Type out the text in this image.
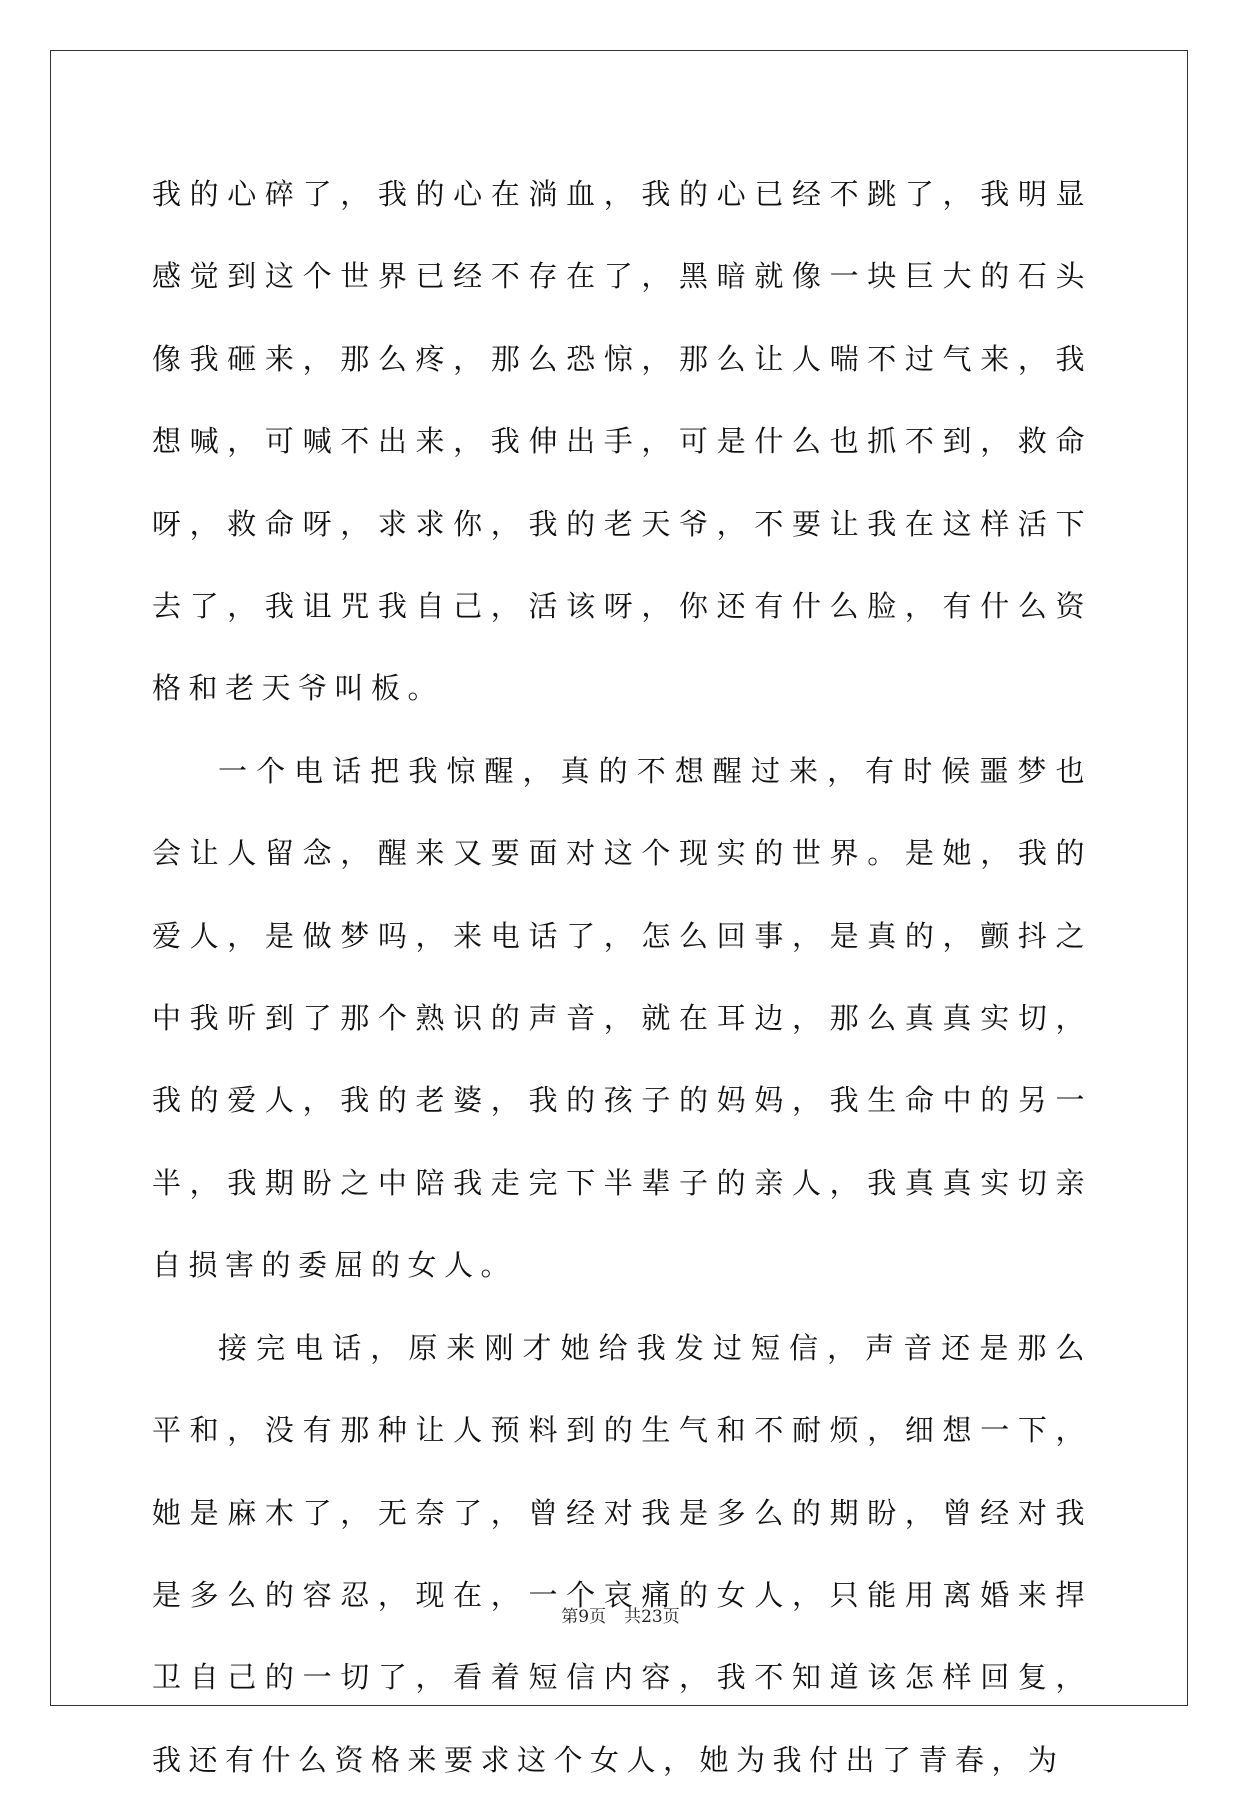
我的心碎了，我的心在淌血，我的心已经不跳了，我明显感觉到这个世界已经不存在了，黑暗就像一块巨大的石头像我砸来，那么疼，那么恐惊，那么让人喘不过气来，我想喊，可喊不出来，我伸出手，可是什么也抓不到，救命呀，救命呀，求求你，我的老天爷，不要让我在这样活下去了，我诅咒我自己，活该呀，你还有什么脸，有什么资格和老天爷叫板。

一个电话把我惊醒，真的不想醒过来，有时候噩梦也会让人留念，醒来又要面对这个现实的世界。是她，我的爱人，是做梦吗，来电话了，怎么回事，是真的，颤抖之中我听到了那个熟识的声音，就在耳边，那么真真实切，我的爱人，我的老婆，我的孩子的妈妈，我生命中的另一半，我期盼之中陪我走完下半辈子的亲人，我真真实切亲自损害的委屈的女人。

接完电话，原来刚才她给我发过短信，声音还是那么平和，没有那种让人预料到的生气和不耐烦，细想一下，她是麻木了，无奈了，曾经对我是多么的期盼，曾经对我是多么的容忍，现在，一个哀痛的女人，只能用离婚来捍卫自己的一切了，看着短信内容，我不知道该怎样回复，我还有什么资格来要求这个女人，她为我付出了青春，为

第9页 共23页
